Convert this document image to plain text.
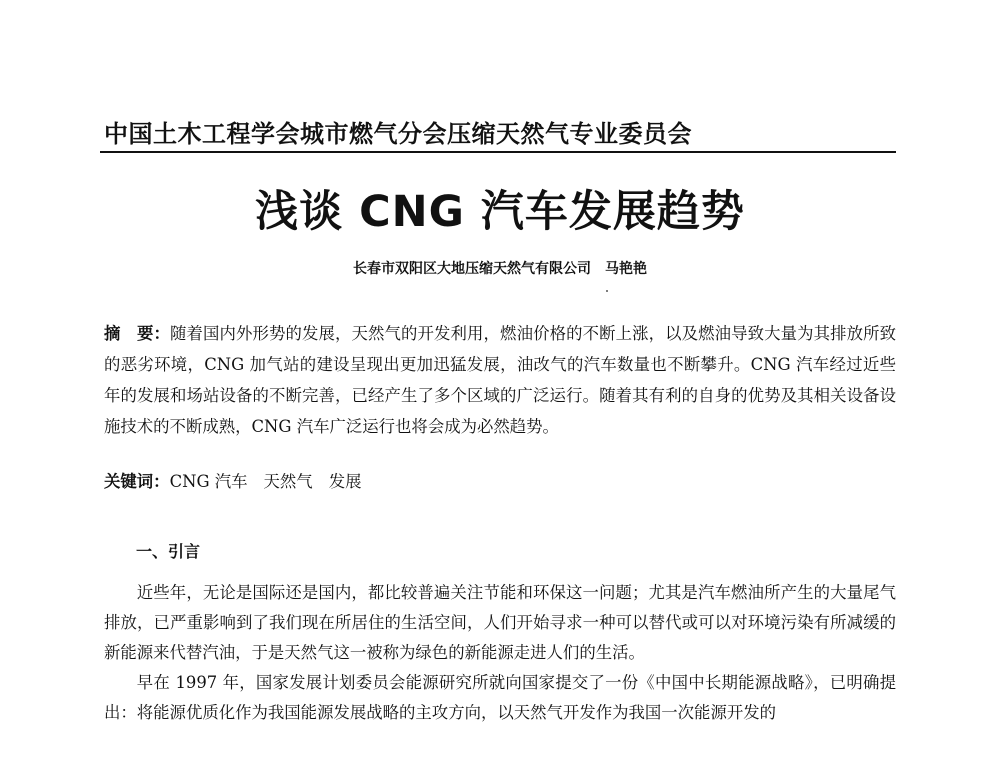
中国土木工程学会城市燃气分会压缩天然气专业委员会
浅谈 CNG 汽车发展趋势
长春市双阳区大地压缩天然气有限公司 马艳艳
摘　要：随着国内外形势的发展，天然气的开发利用，燃油价格的不断上涨，以及燃油导致大量为其排放所致的恶劣环境，CNG 加气站的建设呈现出更加迅猛发展，油改气的汽车数量也不断攀升。CNG 汽车经过近些年的发展和场站设备的不断完善，已经产生了多个区域的广泛运行。随着其有利的自身的优势及其相关设备设施技术的不断成熟，CNG 汽车广泛运行也将会成为必然趋势。
关键词：CNG 汽车 天然气 发展
一、引言

近些年，无论是国际还是国内，都比较普遍关注节能和环保这一问题；尤其是汽车燃油所产生的大量尾气排放，已严重影响到了我们现在所居住的生活空间，人们开始寻求一种可以替代或可以对环境污染有所减缓的新能源来代替汽油，于是天然气这一被称为绿色的新能源走进人们的生活。

早在 1997 年，国家发展计划委员会能源研究所就向国家提交了一份《中国中长期能源战略》，已明确提出：将能源优质化作为我国能源发展战略的主攻方向，以天然气开发作为我国一次能源开发的
